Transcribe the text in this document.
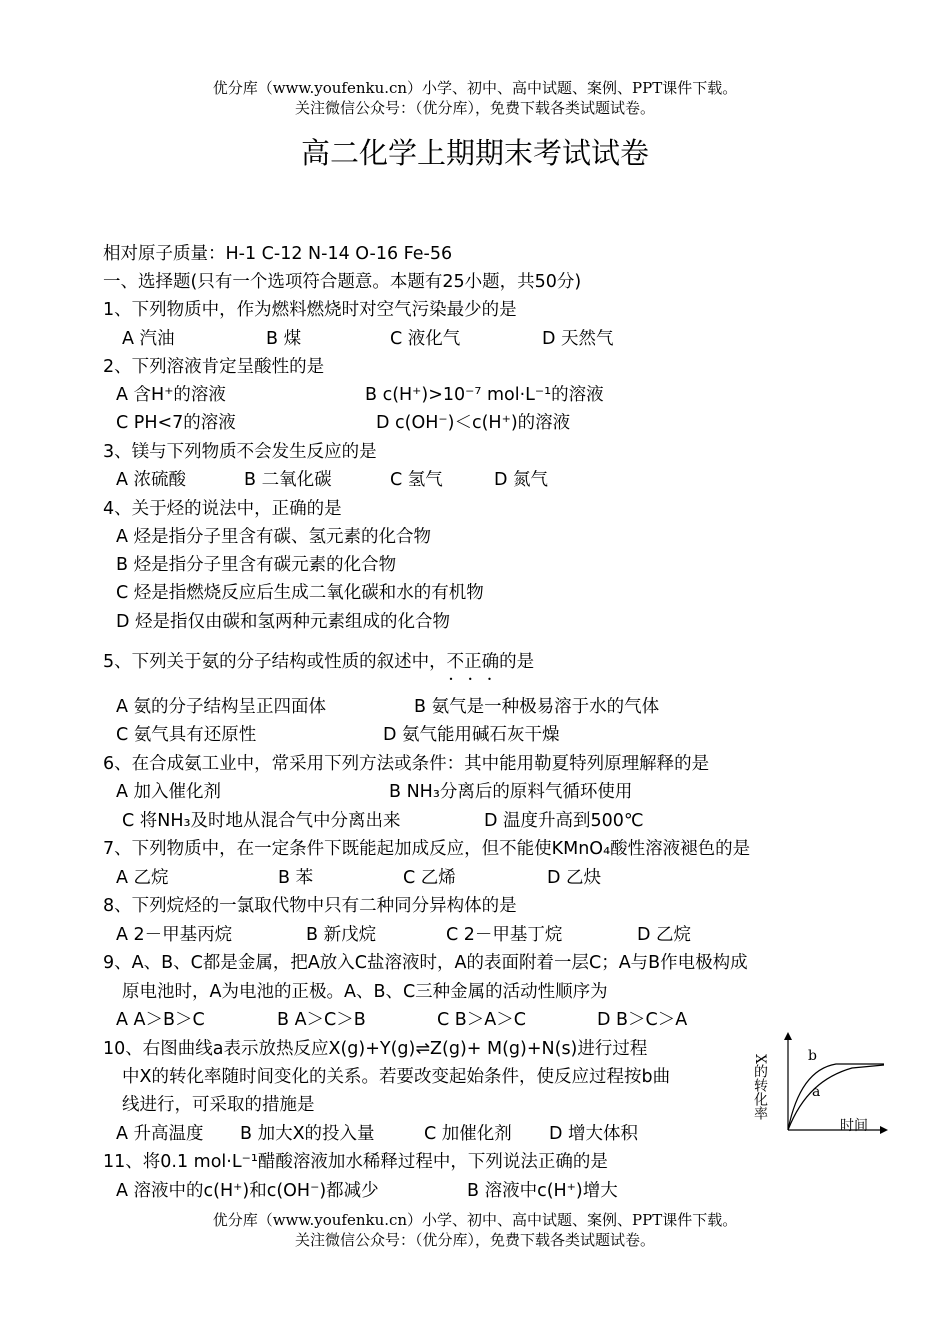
优分库（www.youfenku.cn）小学、初中、高中试题、案例、PPT课件下载。
关注微信公众号：（优分库），免费下载各类试题试卷。
高二化学上期期末考试试卷
相对原子质量：H-1 C-12 N-14 O-16 Fe-56
一、选择题(只有一个选项符合题意。本题有25小题，共50分)
1、下列物质中，作为燃料燃烧时对空气污染最少的是
A 汽油	B 煤	C 液化气	D 天然气
2、下列溶液肯定呈酸性的是
A 含H⁺的溶液	B c(H⁺)>10⁻⁷ mol·L⁻¹的溶液
C PH<7的溶液	D c(OH⁻)＜c(H⁺)的溶液
3、镁与下列物质不会发生反应的是
A 浓硫酸	B 二氧化碳	C 氢气	D 氮气
4、关于烃的说法中，正确的是
A 烃是指分子里含有碳、氢元素的化合物
B 烃是指分子里含有碳元素的化合物
C 烃是指燃烧反应后生成二氧化碳和水的有机物
D 烃是指仅由碳和氢两种元素组成的化合物
5、下列关于氨的分子结构或性质的叙述中，不正确 • • •的是
A 氨的分子结构呈正四面体	B 氨气是一种极易溶于水的气体
C 氨气具有还原性	D 氨气能用碱石灰干燥
6、在合成氨工业中，常采用下列方法或条件：其中能用勒夏特列原理解释的是
A 加入催化剂	B NH₃分离后的原料气循环使用
C 将NH₃及时地从混合气中分离出来	D 温度升高到500℃
7、下列物质中，在一定条件下既能起加成反应，但不能使KMnO₄酸性溶液褪色的是
A 乙烷	B 苯	C 乙烯	D 乙炔
8、下列烷烃的一氯取代物中只有二种同分异构体的是
A 2－甲基丙烷	B 新戊烷	C 2－甲基丁烷	D 乙烷
9、A、B、C都是金属，把A放入C盐溶液时，A的表面附着一层C；A与B作电极构成
原电池时，A为电池的正极。A、B、C三种金属的活动性顺序为
A A＞B＞C	B A＞C＞B	C B＞A＞C	D B＞C＞A
10、右图曲线a表示放热反应X(g)+Y(g)⇌Z(g)+ M(g)+N(s)进行过程
中X的转化率随时间变化的关系。若要改变起始条件，使反应过程按b曲
线进行，可采取的措施是
A 升高温度 B 加大X的投入量	C 加催化剂 D 增大体积
X的转化率	b
a
时间
11、将0.1 mol·L⁻¹醋酸溶液加水稀释过程中，下列说法正确的是
A 溶液中的c(H⁺)和c(OH⁻)都减少	B 溶液中c(H⁺)增大
优分库（www.youfenku.cn）小学、初中、高中试题、案例、PPT课件下载。
关注微信公众号：（优分库），免费下载各类试题试卷。
